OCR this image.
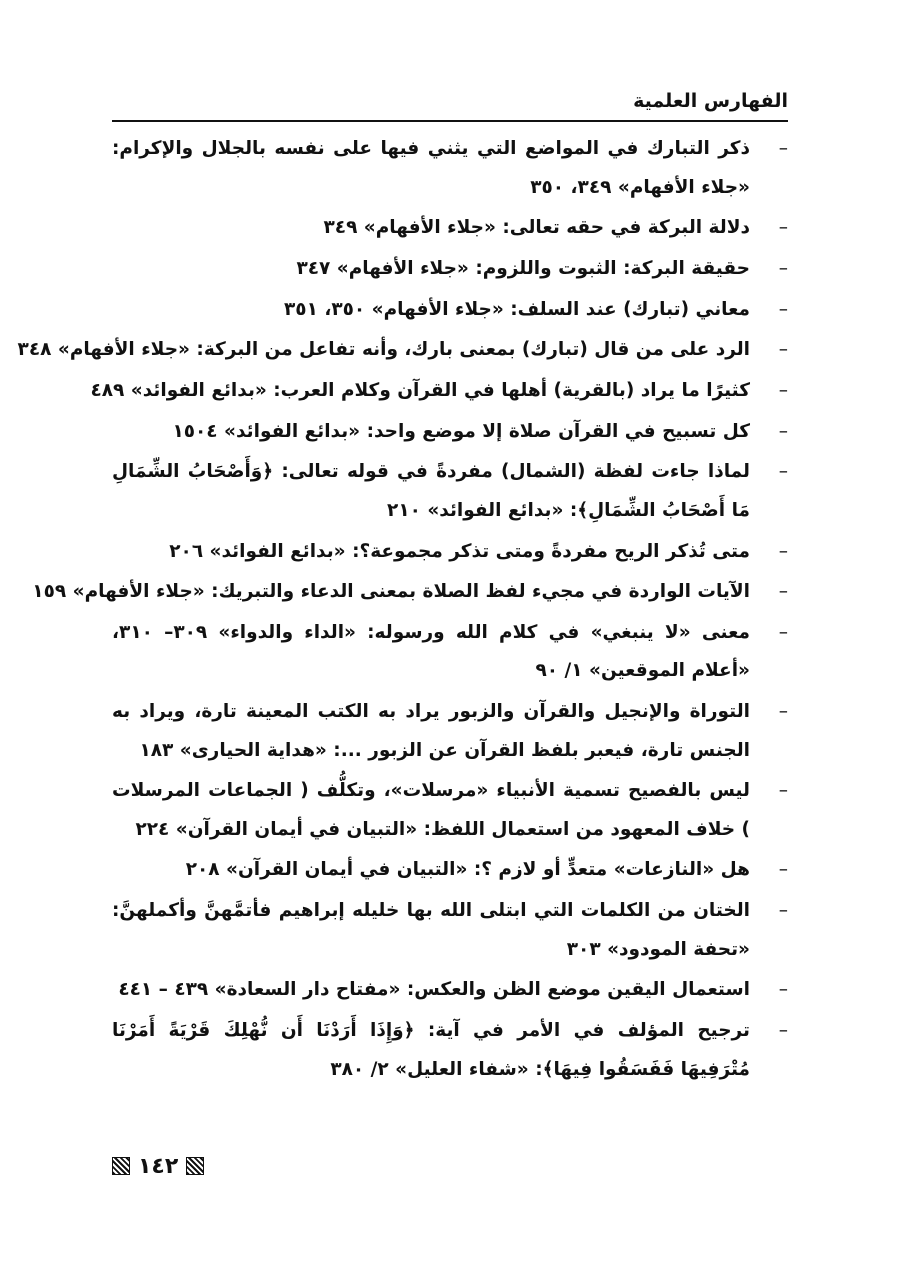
الفهارس العلمية
–
ذكر التبارك في المواضع التي يثني فيها على نفسه بالجلال والإكرام: «جلاء الأفهام» ٣٤٩، ٣٥٠
–
دلالة البركة في حقه تعالى: «جلاء الأفهام» ٣٤٩
–
حقيقة البركة: الثبوت واللزوم: «جلاء الأفهام» ٣٤٧
–
معاني (تبارك) عند السلف: «جلاء الأفهام» ٣٥٠، ٣٥١
–
الرد على من قال (تبارك) بمعنى بارك، وأنه تفاعل من البركة: «جلاء الأفهام» ٣٤٨
–
كثيرًا ما يراد (بالقرية) أهلها في القرآن وكلام العرب: «بدائع الفوائد» ٤٨٩
–
كل تسبيح في القرآن صلاة إلا موضع واحد: «بدائع الفوائد» ١٥٠٤
–
لماذا جاءت لفظة (الشمال) مفردةً في قوله تعالى: ﴿وَأَصْحَابُ الشِّمَالِ مَا أَصْحَابُ الشِّمَالِ﴾: «بدائع الفوائد» ٢١٠
–
متى تُذكر الريح مفردةً ومتى تذكر مجموعة؟: «بدائع الفوائد» ٢٠٦
–
الآيات الواردة في مجيء لفظ الصلاة بمعنى الدعاء والتبريك: «جلاء الأفهام» ١٥٩
–
معنى «لا ينبغي» في كلام الله ورسوله: «الداء والدواء» ٣٠٩– ٣١٠، «أعلام الموقعين» ١/ ٩٠
–
التوراة والإنجيل والقرآن والزبور يراد به الكتب المعينة تارة، ويراد به الجنس تارة، فيعبر بلفظ القرآن عن الزبور ...: «هداية الحيارى» ١٨٣
–
ليس بالفصيح تسمية الأنبياء «مرسلات»، وتكلُّف ( الجماعات المرسلات ) خلاف المعهود من استعمال اللفظ: «التبيان في أيمان القرآن» ٢٢٤
–
هل «النازعات» متعدٍّ أو لازم ؟: «التبيان في أيمان القرآن» ٢٠٨
–
الختان من الكلمات التي ابتلى الله بها خليله إبراهيم فأتمَّهنَّ وأكملهنَّ: «تحفة المودود» ٣٠٣
–
استعمال اليقين موضع الظن والعكس: «مفتاح دار السعادة» ٤٣٩ – ٤٤١
–
ترجيح المؤلف في الأمر في آية: ﴿وَإِذَا أَرَدْنَا أَن نُّهْلِكَ قَرْيَةً أَمَرْنَا مُتْرَفِيهَا فَفَسَقُوا فِيهَا﴾: «شفاء العليل» ٢/ ٣٨٠
١٤٢
